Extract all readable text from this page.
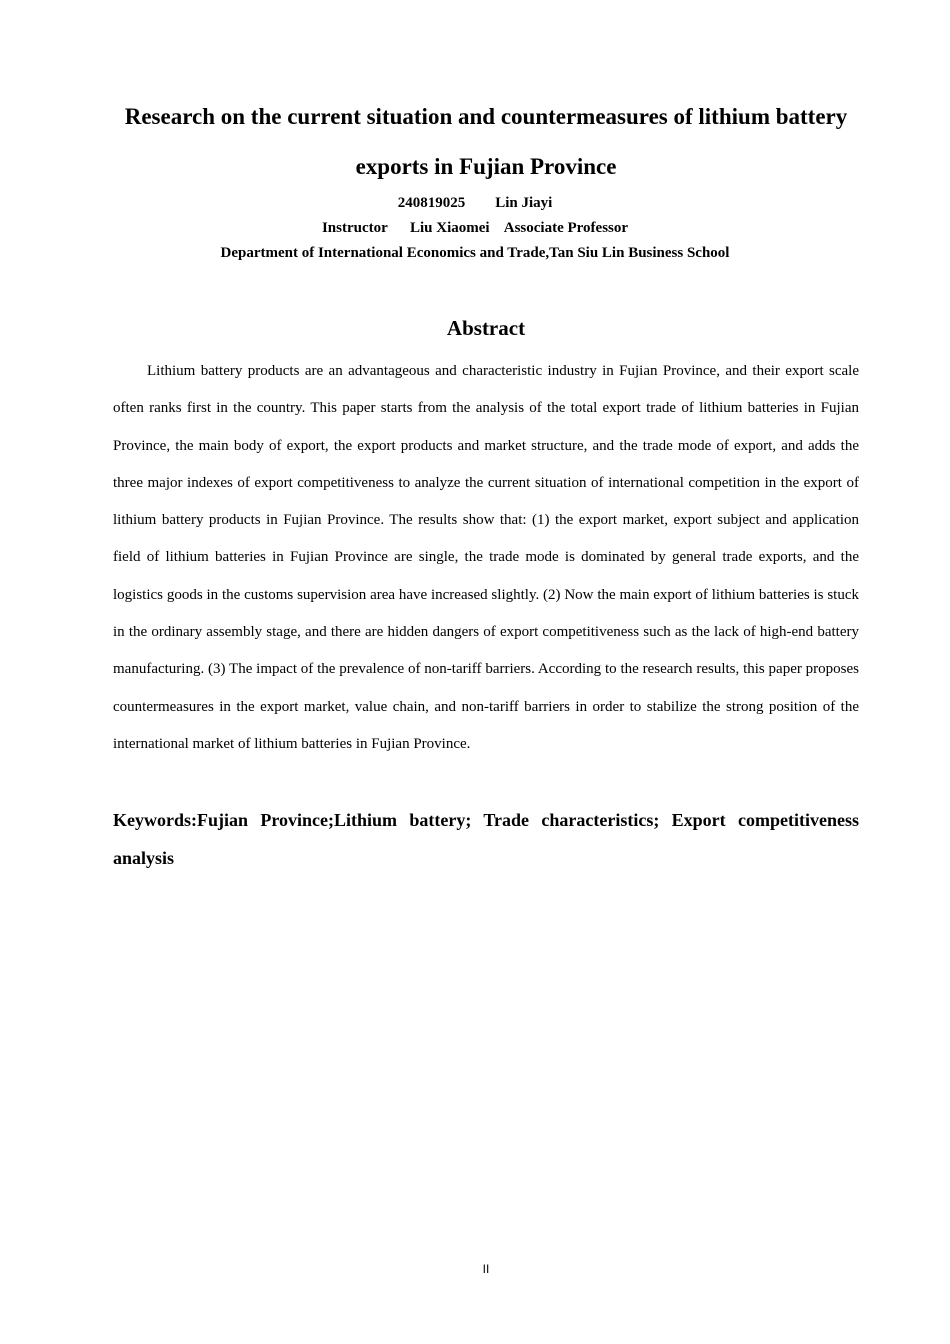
Research on the current situation and countermeasures of lithium battery exports in Fujian Province
240819025        Lin Jiayi
Instructor      Liu Xiaomei    Associate Professor
Department of International Economics and Trade,Tan Siu Lin Business School
Abstract

Lithium battery products are an advantageous and characteristic industry in Fujian Province, and their export scale often ranks first in the country. This paper starts from the analysis of the total export trade of lithium batteries in Fujian Province, the main body of export, the export products and market structure, and the trade mode of export, and adds the three major indexes of export competitiveness to analyze the current situation of international competition in the export of lithium battery products in Fujian Province. The results show that: (1) the export market, export subject and application field of lithium batteries in Fujian Province are single, the trade mode is dominated by general trade exports, and the logistics goods in the customs supervision area have increased slightly. (2) Now the main export of lithium batteries is stuck in the ordinary assembly stage, and there are hidden dangers of export competitiveness such as the lack of high-end battery manufacturing. (3) The impact of the prevalence of non-tariff barriers. According to the research results, this paper proposes countermeasures in the export market, value chain, and non-tariff barriers in order to stabilize the strong position of the international market of lithium batteries in Fujian Province.

Keywords:Fujian Province;Lithium battery; Trade characteristics; Export competitiveness analysis

II
